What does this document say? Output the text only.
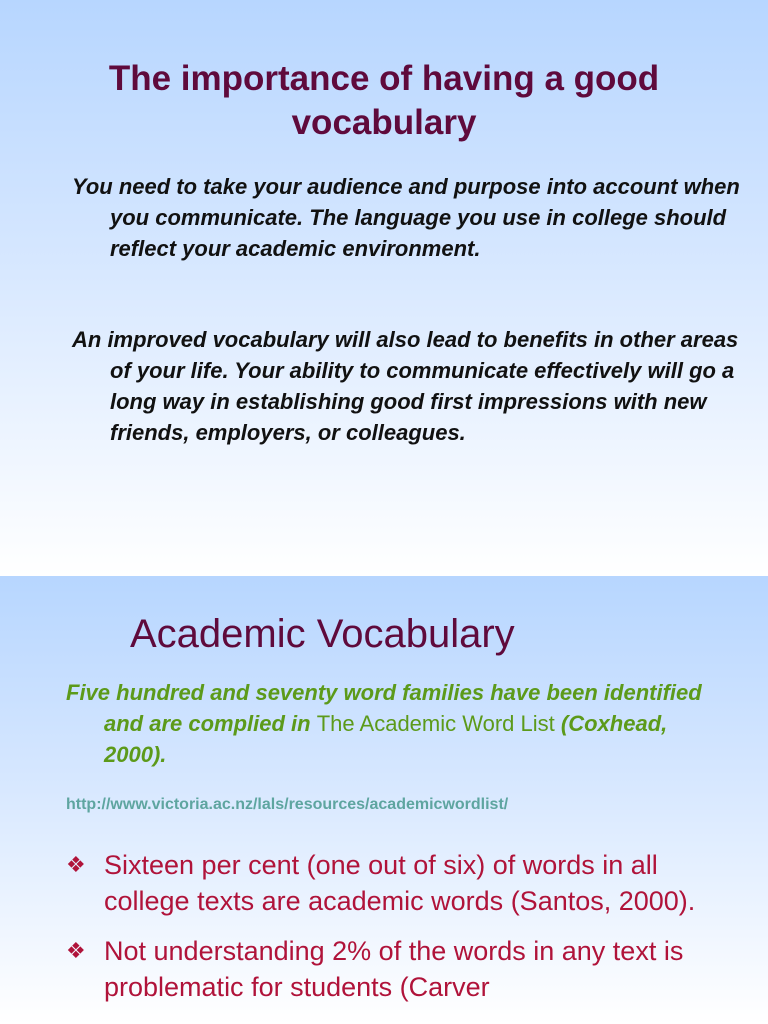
The importance of having a good vocabulary

You need to take your audience and purpose into account when you communicate. The language you use in college should reflect your academic environment.

An improved vocabulary will also lead to benefits in other areas of your life. Your ability to communicate effectively will go a long way in establishing good first impressions with new friends, employers, or colleagues.

Academic Vocabulary

Five hundred and seventy word families have been identified and are complied in The Academic Word List (Coxhead, 2000).

http://www.victoria.ac.nz/lals/resources/academicwordlist/
❖ Sixteen per cent (one out of six) of words in all college texts are academic words (Santos, 2000).
❖ Not understanding 2% of the words in any text is problematic for students (Carver
